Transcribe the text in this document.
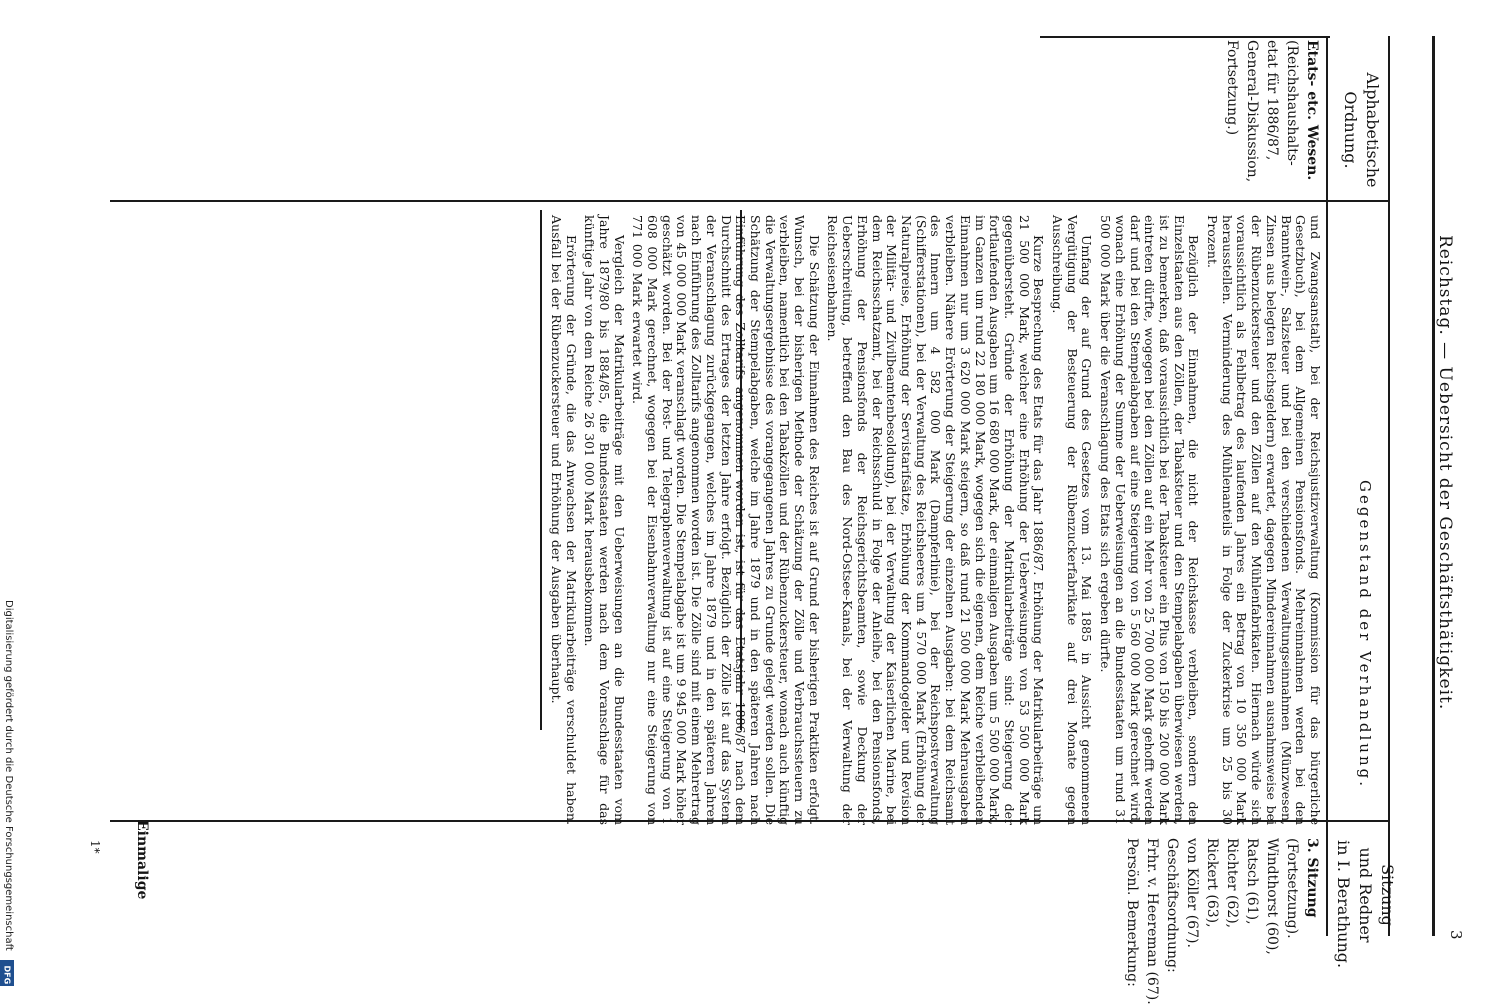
3
Reichstag. — Uebersicht der Geschäftsthätigkeit.
Alphabetische
Ordnung.
Gegenstand der Verhandlung.
Sitzung
und Redner
in I. Berathung.
Etats- etc. Wesen.
(Reichshaushalts-
etat für 1886/87,
General-Diskussion,
Fortsetzung.)
3. Sitzung
(Fortsetzung).
Windthorst (60),
Ratsch (61),
Richter (62),
Rickert (63),
von Köller (67).
Geschäftsordnung:
Frhr. v. Heereman (67).
Persönl. Bemerkung:

und Zwangsanstalt), bei der Reichsjustizverwaltung (Kommission für das bürgerliche Gesetzbuch), bei dem Allgemeinen Pensionsfonds. Mehreinnahmen werden bei den Branntwein-, Salzsteuer und bei den verschiedenen Verwaltungseinnahmen (Münzwesen, Zinsen aus belegten Reichsgeldern) erwartet, dagegen Mindereinnahmen ausnahmsweise bei der Rübenzuckersteuer und den Zöllen auf den Mühlenfabrikaten. Hiernach würde sich voraussichtlich als Fehlbetrag des laufenden Jahres ein Betrag von 10 350 000 Mark herausstellen. Verminderung des Mühlenanteils in Folge der Zuckerkrise um 25 bis 30 Prozent.

Bezüglich der Einnahmen, die nicht der Reichskasse verbleiben, sondern den Einzelstaaten aus den Zöllen, der Tabaksteuer und den Stempelabgaben überwiesen werden, ist zu bemerken, daß voraussichtlich bei der Tabaksteuer ein Plus von 150 bis 200 000 Mark eintreten dürfte, wogegen bei den Zöllen auf ein Mehr von 25 700 000 Mark gehofft werden darf und bei den Stempelabgaben auf eine Steigerung von 5 560 000 Mark gerechnet wird, wonach eine Erhöhung der Summe der Ueberweisungen an die Bundesstaaten um rund 31 500 000 Mark über die Veranschlagung des Etats sich ergeben dürfte.

Umfang der auf Grund des Gesetzes vom 13. Mai 1885 in Aussicht genommenen Vergütigung der Besteuerung der Rübenzuckerfabrikate auf drei Monate gegen Ausschreibung.

Kurze Besprechung des Etats für das Jahr 1886/87. Erhöhung der Matrikularbeiträge um 21 500 000 Mark, welcher eine Erhöhung der Ueberweisungen von 53 500 000 Mark gegenübersteht. Gründe der Erhöhung der Matrikularbeiträge sind: Steigerung der fortlaufenden Ausgaben um 16 680 000 Mark, der einmaligen Ausgaben um 5 500 000 Mark, im Ganzen um rund 22 180 000 Mark, wogegen sich die eigenen, dem Reiche verbleibenden Einnahmen nur um 3 620 000 Mark steigern, so daß rund 21 500 000 Mark Mehrausgaben verbleiben. Nähere Erörterung der Steigerung der einzelnen Ausgaben: bei dem Reichsamt des Innern um 4 582 000 Mark (Dampferlinie), bei der Reichspostverwaltung (Schifferstationen), bei der Verwaltung des Reichsheeres um 4 570 000 Mark (Erhöhung der Naturalpreise, Erhöhung der Servistarifsätze, Erhöhung der Kommandogelder und Revision der Militär- und Zivilbeamtenbesoldung), bei der Verwaltung der Kaiserlichen Marine, bei dem Reichsschatzamt, bei der Reichsschuld in Folge der Anleihe, bei den Pensionsfonds, Erhöhung der Pensionsfonds der Reichsgerichtsbeamten, sowie Deckung der Ueberschreitung, betreffend den Bau des Nord-Ostsee-Kanals, bei der Verwaltung der Reichseisenbahnen.

Die Schätzung der Einnahmen des Reiches ist auf Grund der bisherigen Praktiken erfolgt. Wunsch, bei der bisherigen Methode der Schätzung der Zölle und Verbrauchssteuern zu verbleiben, namentlich bei den Tabakzöllen und der Rübenzuckersteuer, wonach auch künftig die Verwaltungsergebnisse des vorangegangenen Jahres zu Grunde gelegt werden sollen. Die Schätzung der Stempelabgaben, welche im Jahre 1879 und in den späteren Jahren nach Einführung des Zolltarifs angenommen worden ist, ist für das Etatsjahr 1886/87 nach dem Durchschnitt des Ertrages der letzten Jahre erfolgt. Bezüglich der Zölle ist auf das System der Veranschlagung zurückgegangen, welches im Jahre 1879 und in den späteren Jahren nach Einführung des Zolltarifs angenommen worden ist. Die Zölle sind mit einem Mehrertrag von 45 000 000 Mark veranschlagt worden. Die Stempelabgabe ist um 9 945 000 Mark höher geschätzt worden. Bei der Post- und Telegraphenverwaltung ist auf eine Steigerung von 1 608 000 Mark gerechnet, wogegen bei der Eisenbahnverwaltung nur eine Steigerung von 771 000 Mark erwartet wird.

Vergleich der Matrikularbeiträge mit den Ueberweisungen an die Bundesstaaten vom Jahre 1879/80 bis 1884/85, die Bundesstaaten werden nach dem Voranschlage für das künftige Jahr von dem Reiche 26 301 000 Mark herausbekommen.

Erörterung der Gründe, die das Anwachsen der Matrikularbeiträge verschuldet haben. Ausfall bei der Rübenzuckersteuer und Erhöhung der Ausgaben überhaupt.

Einmalige
1*
Digitalisierung gefördert durch die Deutsche Forschungsgemeinschaft
DFG
